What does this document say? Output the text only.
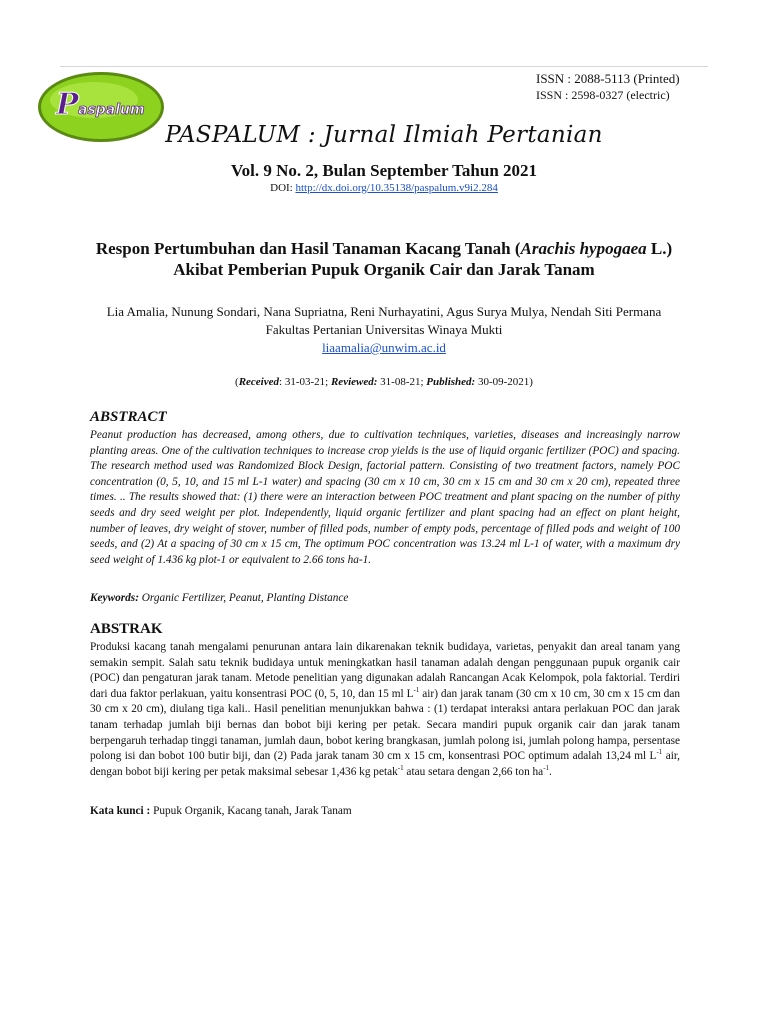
P aspalum
ISSN : 2088-5113 (Printed)
ISSN : 2598-0327 (electric)
PASPALUM : Jurnal Ilmiah Pertanian
Vol. 9 No. 2, Bulan September Tahun 2021
DOI: http://dx.doi.org/10.35138/paspalum.v9i2.284
Respon Pertumbuhan dan Hasil Tanaman Kacang Tanah (Arachis hypogaea L.)
Akibat Pemberian Pupuk Organik Cair dan Jarak Tanam
Lia Amalia, Nunung Sondari, Nana Supriatna, Reni Nurhayatini, Agus Surya Mulya, Nendah Siti Permana
Fakultas Pertanian Universitas Winaya Mukti
liaamalia@unwim.ac.id
(Received: 31-03-21; Reviewed: 31-08-21; Published: 30-09-2021)
ABSTRACT
Peanut production has decreased, among others, due to cultivation techniques, varieties, diseases and increasingly narrow planting areas. One of the cultivation techniques to increase crop yields is the use of liquid organic fertilizer (POC) and spacing. The research method used was Randomized Block Design, factorial pattern. Consisting of two treatment factors, namely POC concentration (0, 5, 10, and 15 ml L-1 water) and spacing (30 cm x 10 cm, 30 cm x 15 cm and 30 cm x 20 cm), repeated three times. .. The results showed that: (1) there were an interaction between POC treatment and plant spacing on the number of pithy seeds and dry seed weight per plot. Independently, liquid organic fertilizer and plant spacing had an effect on plant height, number of leaves, dry weight of stover, number of filled pods, number of empty pods, percentage of filled pods and weight of 100 seeds, and (2) At a spacing of 30 cm x 15 cm, The optimum POC concentration was 13.24 ml L-1 of water, with a maximum dry seed weight of 1.436 kg plot-1 or equivalent to 2.66 tons ha-1.
Keywords: Organic Fertilizer, Peanut, Planting Distance
ABSTRAK
Produksi kacang tanah mengalami penurunan antara lain dikarenakan teknik budidaya, varietas, penyakit dan areal tanam yang semakin sempit. Salah satu teknik budidaya untuk meningkatkan hasil tanaman adalah dengan penggunaan pupuk organik cair (POC) dan pengaturan jarak tanam. Metode penelitian yang digunakan adalah Rancangan Acak Kelompok, pola faktorial. Terdiri dari dua faktor perlakuan, yaitu konsentrasi POC (0, 5, 10, dan 15 ml $L^{-1}$ air) dan jarak tanam (30 cm x 10 cm, 30 cm x 15 cm dan 30 cm x 20 cm), diulang tiga kali.. Hasil penelitian menunjukkan bahwa : (1) terdapat interaksi antara perlakuan POC dan jarak tanam terhadap jumlah biji bernas dan bobot biji kering per petak. Secara mandiri pupuk organik cair dan jarak tanam berpengaruh terhadap tinggi tanaman, jumlah daun, bobot kering brangkasan, jumlah polong isi, jumlah polong hampa, persentase polong isi dan bobot 100 butir biji, dan (2) Pada jarak tanam 30 cm x 15 cm, konsentrasi POC optimum adalah 13,24 ml $L^{-1}$ air, dengan bobot biji kering per petak maksimal sebesar 1,436 kg petak$^{-1}$ atau setara dengan 2,66 ton $ha^{-1}$.
Kata kunci : Pupuk Organik, Kacang tanah, Jarak Tanam
